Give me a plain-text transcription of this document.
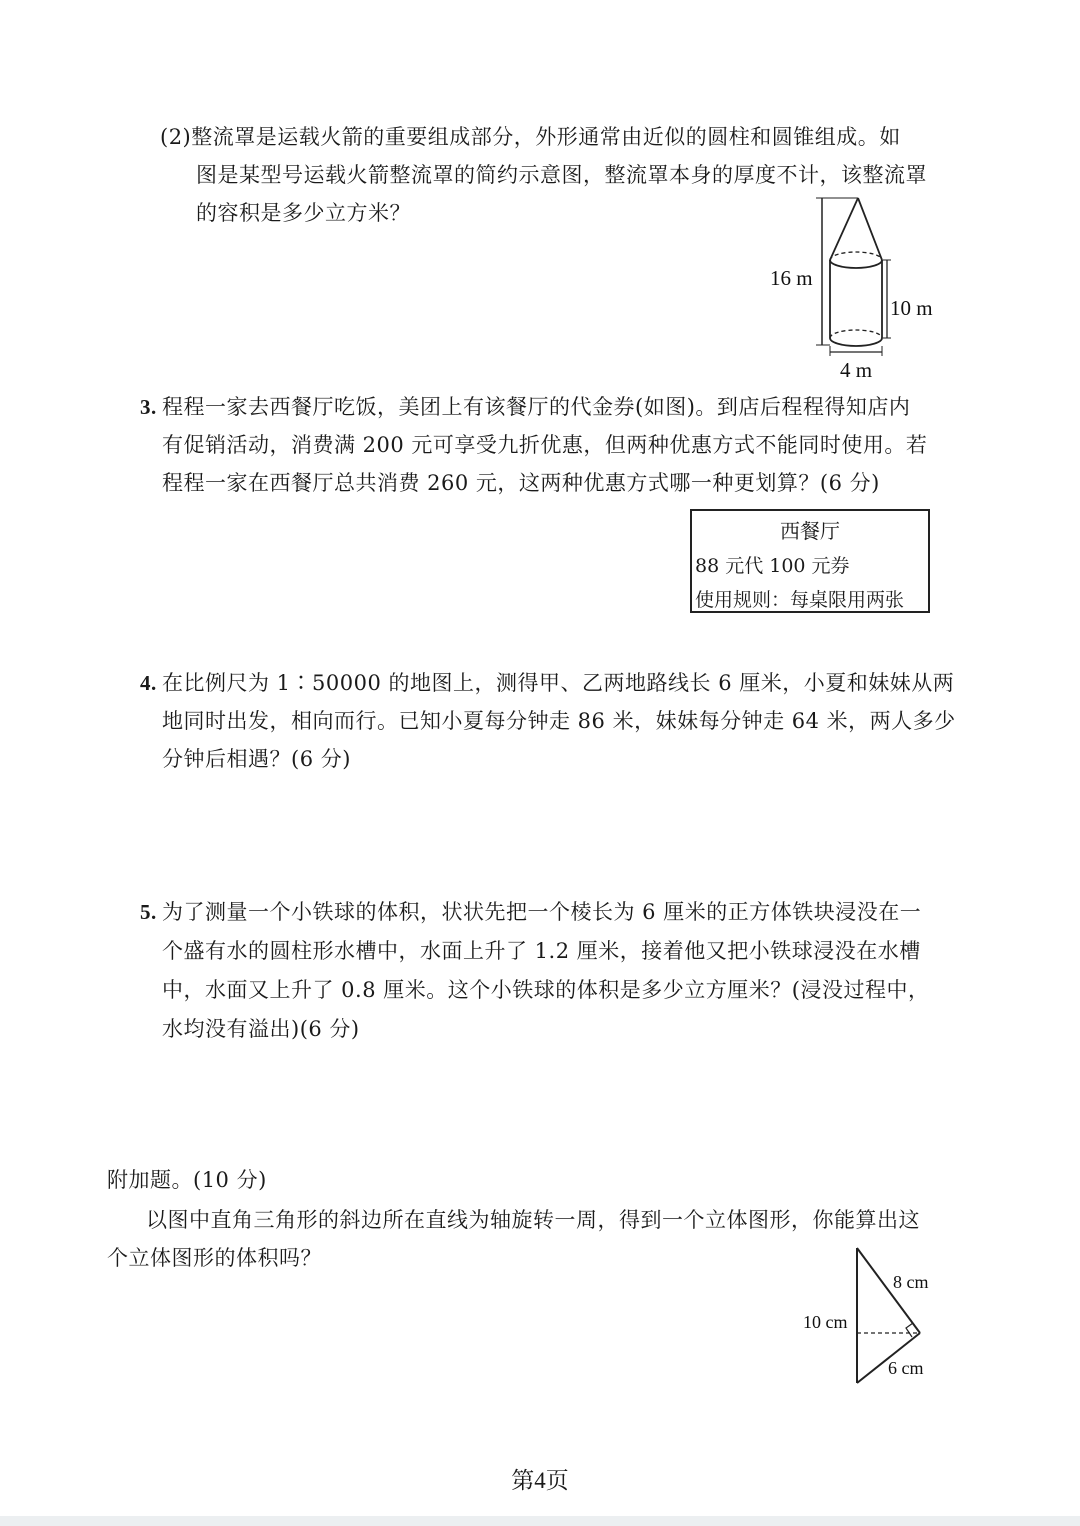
(2)整流罩是运载火箭的重要组成部分，外形通常由近似的圆柱和圆锥组成。如
图是某型号运载火箭整流罩的简约示意图，整流罩本身的厚度不计，该整流罩
的容积是多少立方米？
16 m
10 m
4 m
3. 程程一家去西餐厅吃饭，美团上有该餐厅的代金券(如图)。到店后程程得知店内
有促销活动，消费满 200 元可享受九折优惠，但两种优惠方式不能同时使用。若
程程一家在西餐厅总共消费 260 元，这两种优惠方式哪一种更划算？(6 分)
西餐厅
88 元代 100 元券
使用规则：每桌限用两张
4. 在比例尺为 1∶50000 的地图上，测得甲、乙两地路线长 6 厘米，小夏和妹妹从两
地同时出发，相向而行。已知小夏每分钟走 86 米，妹妹每分钟走 64 米，两人多少
分钟后相遇？(6 分)
5. 为了测量一个小铁球的体积，状状先把一个棱长为 6 厘米的正方体铁块浸没在一
个盛有水的圆柱形水槽中，水面上升了 1.2 厘米，接着他又把小铁球浸没在水槽
中，水面又上升了 0.8 厘米。这个小铁球的体积是多少立方厘米？(浸没过程中，
水均没有溢出)(6 分)
附加题。(10 分)
以图中直角三角形的斜边所在直线为轴旋转一周，得到一个立体图形，你能算出这
个立体图形的体积吗？
8 cm
10 cm
6 cm
第4页
